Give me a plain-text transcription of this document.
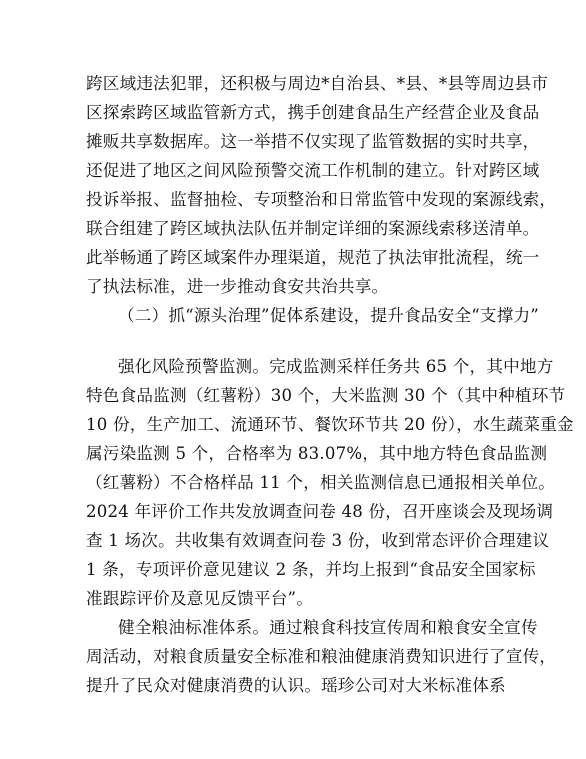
跨区域违法犯罪，还积极与周边*自治县、*县、*县等周边县市
区探索跨区域监管新方式，携手创建食品生产经营企业及食品
摊贩共享数据库。这一举措不仅实现了监管数据的实时共享，
还促进了地区之间风险预警交流工作机制的建立。针对跨区域
投诉举报、监督抽检、专项整治和日常监管中发现的案源线索，
联合组建了跨区域执法队伍并制定详细的案源线索移送清单。
此举畅通了跨区域案件办理渠道，规范了执法审批流程，统一
了执法标准，进一步推动食安共治共享。
（二）抓“源头治理”促体系建设，提升食品安全“支撑力”
强化风险预警监测。完成监测采样任务共 65 个，其中地方
特色食品监测（红薯粉）30 个，大米监测 30 个（其中种植环节
10 份，生产加工、流通环节、餐饮环节共 20 份），水生蔬菜重金
属污染监测 5 个，合格率为 83.07%，其中地方特色食品监测
（红薯粉）不合格样品 11 个，相关监测信息已通报相关单位。
2024 年评价工作共发放调查问卷 48 份，召开座谈会及现场调
查 1 场次。共收集有效调查问卷 3 份，收到常态评价合理建议
1 条，专项评价意见建议 2 条，并均上报到“食品安全国家标
准跟踪评价及意见反馈平台”。
健全粮油标准体系。通过粮食科技宣传周和粮食安全宣传
周活动，对粮食质量安全标准和粮油健康消费知识进行了宣传，
提升了民众对健康消费的认识。瑶珍公司对大米标准体系
